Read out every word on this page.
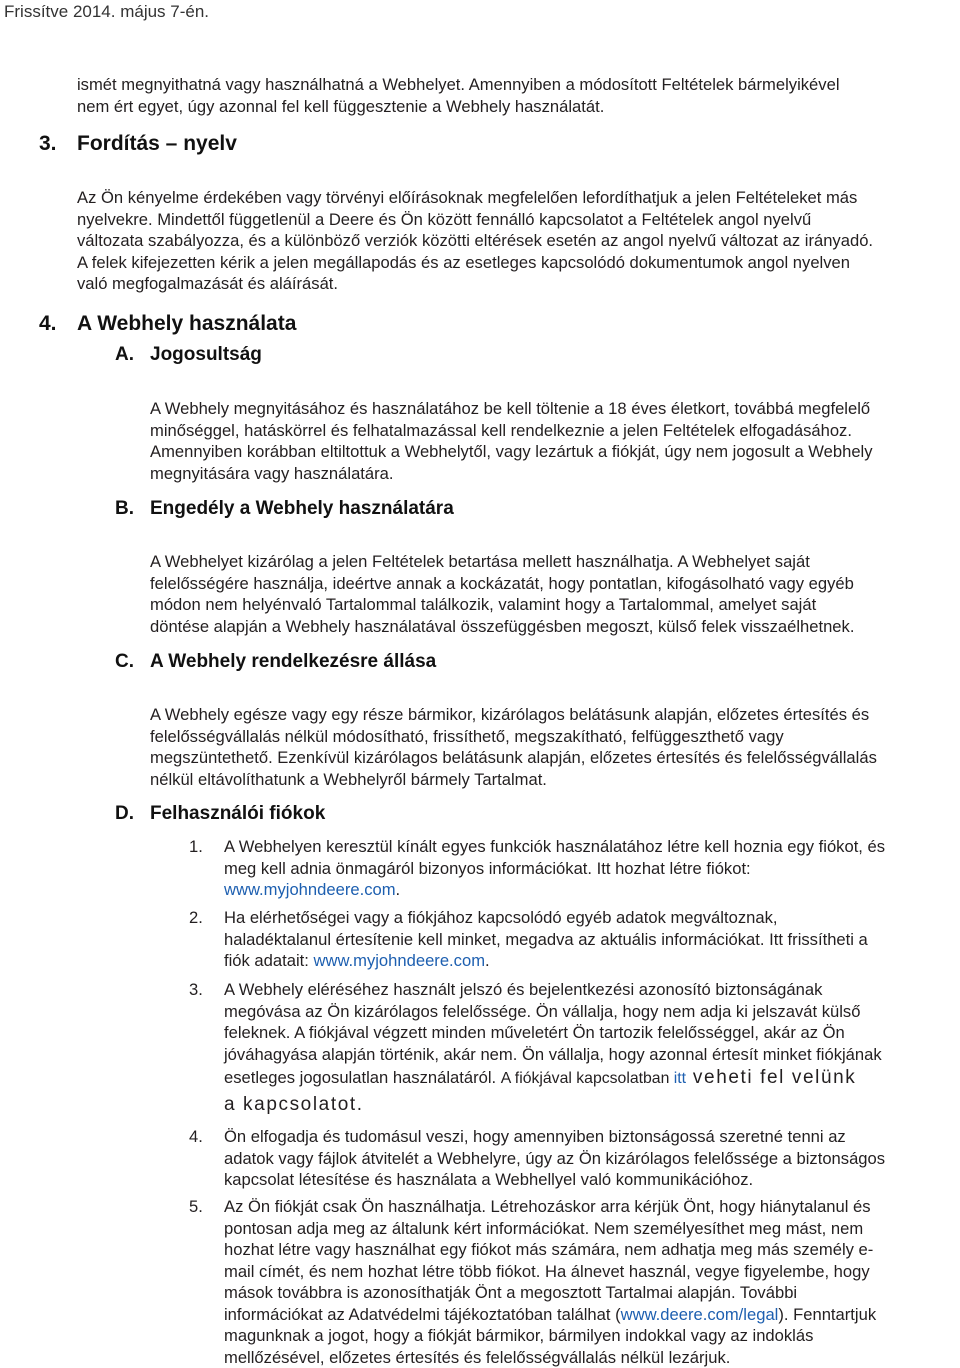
Frissítve 2014. május 7-én.
ismét megnyithatná vagy használhatná a Webhelyet. Amennyiben a módosított Feltételek bármelyikével
nem ért egyet, úgy azonnal fel kell függesztenie a Webhely használatát.
3. Fordítás – nyelv
Az Ön kényelme érdekében vagy törvényi előírásoknak megfelelően lefordíthatjuk a jelen Feltételeket más
nyelvekre. Mindettől függetlenül a Deere és Ön között fennálló kapcsolatot a Feltételek angol nyelvű
változata szabályozza, és a különböző verziók közötti eltérések esetén az angol nyelvű változat az irányadó.
A felek kifejezetten kérik a jelen megállapodás és az esetleges kapcsolódó dokumentumok angol nyelven
való megfogalmazását és aláírását.
4. A Webhely használata
A. Jogosultság
A Webhely megnyitásához és használatához be kell töltenie a 18 éves életkort, továbbá megfelelő
minőséggel, hatáskörrel és felhatalmazással kell rendelkeznie a jelen Feltételek elfogadásához.
Amennyiben korábban eltiltottuk a Webhelytől, vagy lezártuk a fiókját, úgy nem jogosult a Webhely
megnyitására vagy használatára.
B. Engedély a Webhely használatára
A Webhelyet kizárólag a jelen Feltételek betartása mellett használhatja. A Webhelyet saját
felelősségére használja, ideértve annak a kockázatát, hogy pontatlan, kifogásolható vagy egyéb
módon nem helyénvaló Tartalommal találkozik, valamint hogy a Tartalommal, amelyet saját
döntése alapján a Webhely használatával összefüggésben megoszt, külső felek visszaélhetnek.
C. A Webhely rendelkezésre állása
A Webhely egésze vagy egy része bármikor, kizárólagos belátásunk alapján, előzetes értesítés és
felelősségvállalás nélkül módosítható, frissíthető, megszakítható, felfüggeszthető vagy
megszüntethető. Ezenkívül kizárólagos belátásunk alapján, előzetes értesítés és felelősségvállalás
nélkül eltávolíthatunk a Webhelyről bármely Tartalmat.
D. Felhasználói fiókok
1. A Webhelyen keresztül kínált egyes funkciók használatához létre kell hoznia egy fiókot, és
meg kell adnia önmagáról bizonyos információkat. Itt hozhat létre fiókot:
www.myjohndeere.com.
2. Ha elérhetőségei vagy a fiókjához kapcsolódó egyéb adatok megváltoznak,
haladéktalanul értesítenie kell minket, megadva az aktuális információkat. Itt frissítheti a
fiók adatait: www.myjohndeere.com.
3. A Webhely eléréséhez használt jelszó és bejelentkezési azonosító biztonságának
megóvása az Ön kizárólagos felelőssége. Ön vállalja, hogy nem adja ki jelszavát külső
feleknek. A fiókjával végzett minden műveletért Ön tartozik felelősséggel, akár az Ön
jóváhagyása alapján történik, akár nem. Ön vállalja, hogy azonnal értesít minket fiókjának
esetleges jogosulatlan használatáról. A fiókjával kapcsolatban itt veheti fel velünk
a kapcsolatot.
4. Ön elfogadja és tudomásul veszi, hogy amennyiben biztonságossá szeretné tenni az
adatok vagy fájlok átvitelét a Webhelyre, úgy az Ön kizárólagos felelőssége a biztonságos
kapcsolat létesítése és használata a Webhellyel való kommunikációhoz.
5. Az Ön fiókját csak Ön használhatja. Létrehozáskor arra kérjük Önt, hogy hiánytalanul és
pontosan adja meg az általunk kért információkat. Nem személyesíthet meg mást, nem
hozhat létre vagy használhat egy fiókot más számára, nem adhatja meg más személy e-
mail címét, és nem hozhat létre több fiókot. Ha álnevet használ, vegye figyelembe, hogy
mások továbbra is azonosíthatják Önt a megosztott Tartalmai alapján. További
információkat az Adatvédelmi tájékoztatóban találhat (www.deere.com/legal). Fenntartjuk
magunknak a jogot, hogy a fiókját bármikor, bármilyen indokkal vagy az indoklás
mellőzésével, előzetes értesítés és felelősségvállalás nélkül lezárjuk.
